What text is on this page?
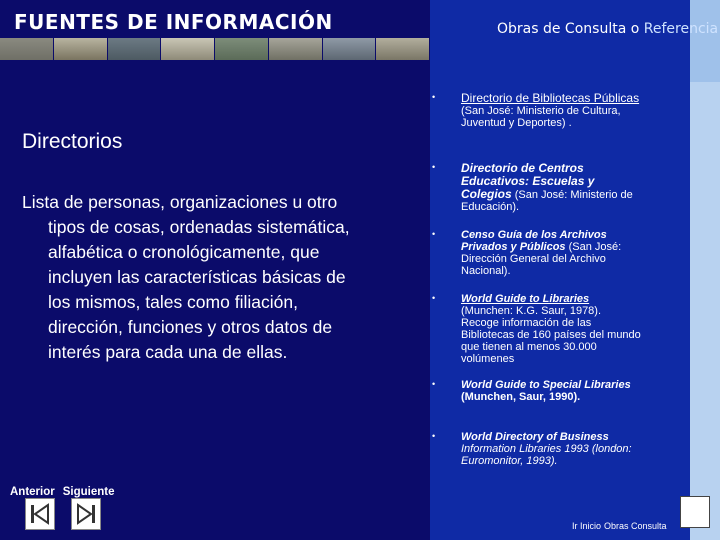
FUENTES DE INFORMACIÓN	Obras de Consulta o Referencia
Directorios
Lista de personas, organizaciones u otro
tipos de cosas, ordenadas sistemática,
alfabética o cronológicamente, que
incluyen las características básicas de
los mismos, tales como filiación,
dirección, funciones y otros datos de
interés para cada una de ellas.
• Directorio de Bibliotecas Públicas (San José: Ministerio de Cultura, Juventud y Deportes) .
• Directorio de Centros Educativos: Escuelas y Colegios (San José: Ministerio de Educación).
• Censo Guía de los Archivos Privados y Públicos (San José: Dirección General del Archivo Nacional).
• World Guide to Libraries (Munchen: K.G. Saur, 1978). Recoge información de las Bibliotecas de 160 países del mundo que tienen al menos 30.000 volúmenes
• World Guide to Special Libraries (Munchen, Saur, 1990).
• World Directory of Business Information Libraries 1993 (london: Euromonitor, 1993).
Anterior Siguiente
Ir Inicio Obras Consulta
